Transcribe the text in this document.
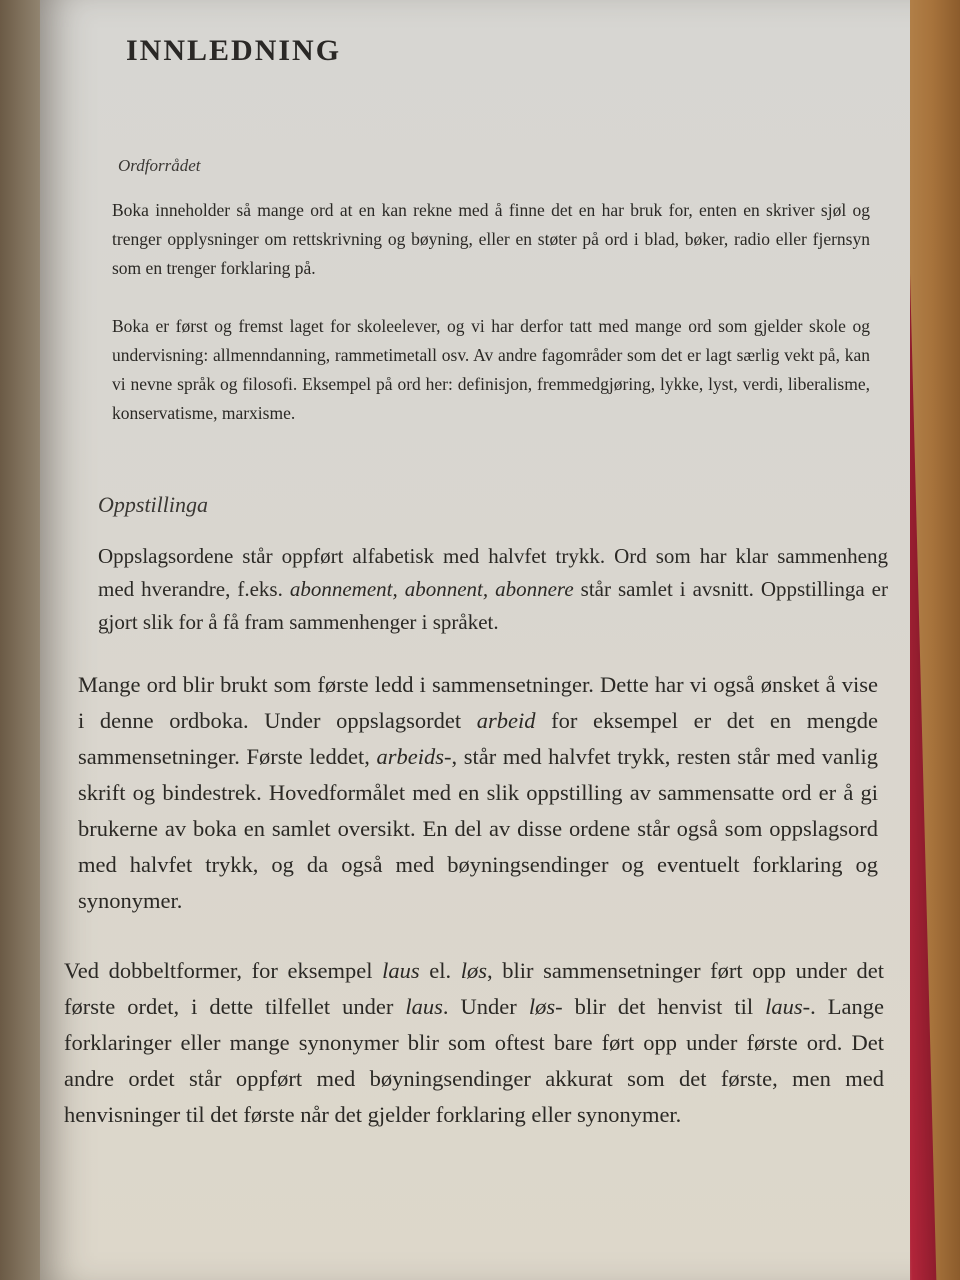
INNLEDNING
Ordforrådet

Boka inneholder så mange ord at en kan rekne med å finne det en har bruk for, enten en skriver sjøl og trenger opplysninger om rettskrivning og bøyning, eller en støter på ord i blad, bøker, radio eller fjernsyn som en trenger forklaring på.

Boka er først og fremst laget for skoleelever, og vi har derfor tatt med mange ord som gjelder skole og undervisning: allmenndanning, rammetimetall osv. Av andre fagområder som det er lagt særlig vekt på, kan vi nevne språk og filosofi. Eksempel på ord her: definisjon, fremmedgjøring, lykke, lyst, verdi, liberalisme, konservatisme, marxisme.

Oppstillinga

Oppslagsordene står oppført alfabetisk med halvfet trykk. Ord som har klar sammenheng med hverandre, f.eks. abonnement, abonnent, abonnere står samlet i avsnitt. Oppstillinga er gjort slik for å få fram sammenhenger i språket.

Mange ord blir brukt som første ledd i sammensetninger. Dette har vi også ønsket å vise i denne ordboka. Under oppslagsordet arbeid for eksempel er det en mengde sammensetninger. Første leddet, arbeids-, står med halvfet trykk, resten står med vanlig skrift og bindestrek. Hovedformålet med en slik oppstilling av sammensatte ord er å gi brukerne av boka en samlet oversikt. En del av disse ordene står også som oppslagsord med halvfet trykk, og da også med bøyningsendinger og eventuelt forklaring og synonymer.

Ved dobbeltformer, for eksempel laus el. løs, blir sammensetninger ført opp under det første ordet, i dette tilfellet under laus. Under løs- blir det henvist til laus-. Lange forklaringer eller mange synonymer blir som oftest bare ført opp under første ord. Det andre ordet står oppført med bøyningsendinger akkurat som det første, men med henvisninger til det første når det gjelder forklaring eller synonymer.
